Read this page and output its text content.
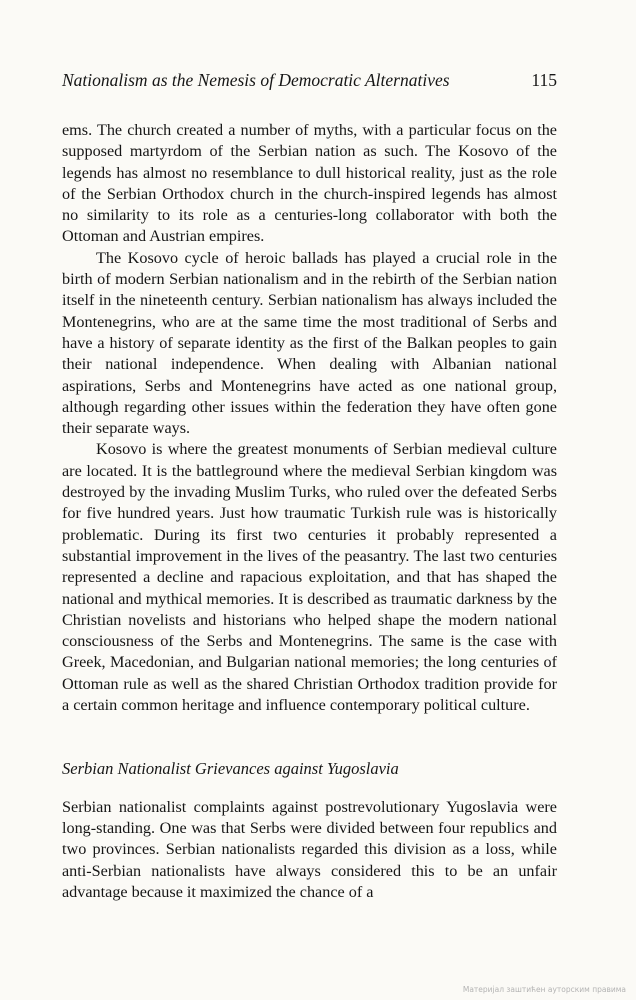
Nationalism as the Nemesis of Democratic Alternatives	115

ems. The church created a number of myths, with a particular focus on the supposed martyrdom of the Serbian nation as such. The Kosovo of the legends has almost no resemblance to dull historical reality, just as the role of the Serbian Orthodox church in the church-inspired legends has almost no similarity to its role as a centuries-long collaborator with both the Ottoman and Austrian empires.

The Kosovo cycle of heroic ballads has played a crucial role in the birth of modern Serbian nationalism and in the rebirth of the Serbian nation itself in the nineteenth century. Serbian nationalism has always included the Montenegrins, who are at the same time the most traditional of Serbs and have a history of separate identity as the first of the Balkan peoples to gain their national independence. When dealing with Albanian national aspirations, Serbs and Montenegrins have acted as one national group, although regarding other issues within the federation they have often gone their separate ways.

Kosovo is where the greatest monuments of Serbian medieval culture are located. It is the battleground where the medieval Serbian kingdom was destroyed by the invading Muslim Turks, who ruled over the defeated Serbs for five hundred years. Just how traumatic Turkish rule was is historically problematic. During its first two centuries it probably represented a substantial improvement in the lives of the peasantry. The last two centuries represented a decline and rapacious exploitation, and that has shaped the national and mythical memories. It is described as traumatic darkness by the Christian novelists and historians who helped shape the modern national consciousness of the Serbs and Montenegrins. The same is the case with Greek, Macedonian, and Bulgarian national memories; the long centuries of Ottoman rule as well as the shared Christian Orthodox tradition provide for a certain common heritage and influence contemporary political culture.

Serbian Nationalist Grievances against Yugoslavia

Serbian nationalist complaints against postrevolutionary Yugoslavia were long-standing. One was that Serbs were divided between four republics and two provinces. Serbian nationalists regarded this division as a loss, while anti-Serbian nationalists have always considered this to be an unfair advantage because it maximized the chance of a

Материјал заштићен ауторским правима
